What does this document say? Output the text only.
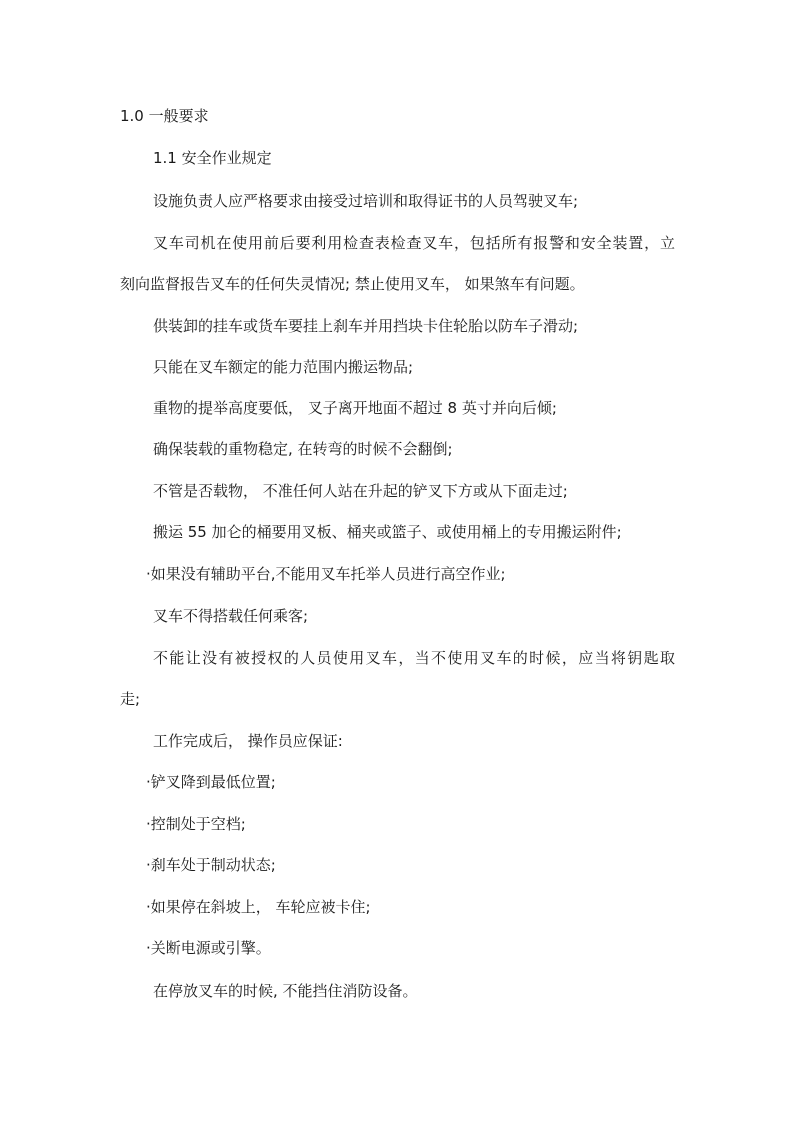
1.0 一般要求
1.1 安全作业规定
设施负责人应严格要求由接受过培训和取得证书的人员驾驶叉车;
叉车司机在使用前后要利用检查表检查叉车，包括所有报警和安全装置，立
刻向监督报告叉车的任何失灵情况; 禁止使用叉车， 如果煞车有问题。
供装卸的挂车或货车要挂上刹车并用挡块卡住轮胎以防车子滑动;
只能在叉车额定的能力范围内搬运物品;
重物的提举高度要低， 叉子离开地面不超过 8 英寸并向后倾;
确保装载的重物稳定, 在转弯的时候不会翻倒;
不管是否载物， 不准任何人站在升起的铲叉下方或从下面走过;
搬运 55 加仑的桶要用叉板、桶夹或篮子、或使用桶上的专用搬运附件;
·如果没有辅助平台,不能用叉车托举人员进行高空作业;
叉车不得搭载任何乘客;
不能让没有被授权的人员使用叉车，当不使用叉车的时候，应当将钥匙取
走;
工作完成后， 操作员应保证:
·铲叉降到最低位置;
·控制处于空档;
·刹车处于制动状态;
·如果停在斜坡上， 车轮应被卡住;
·关断电源或引擎。
在停放叉车的时候, 不能挡住消防设备。
